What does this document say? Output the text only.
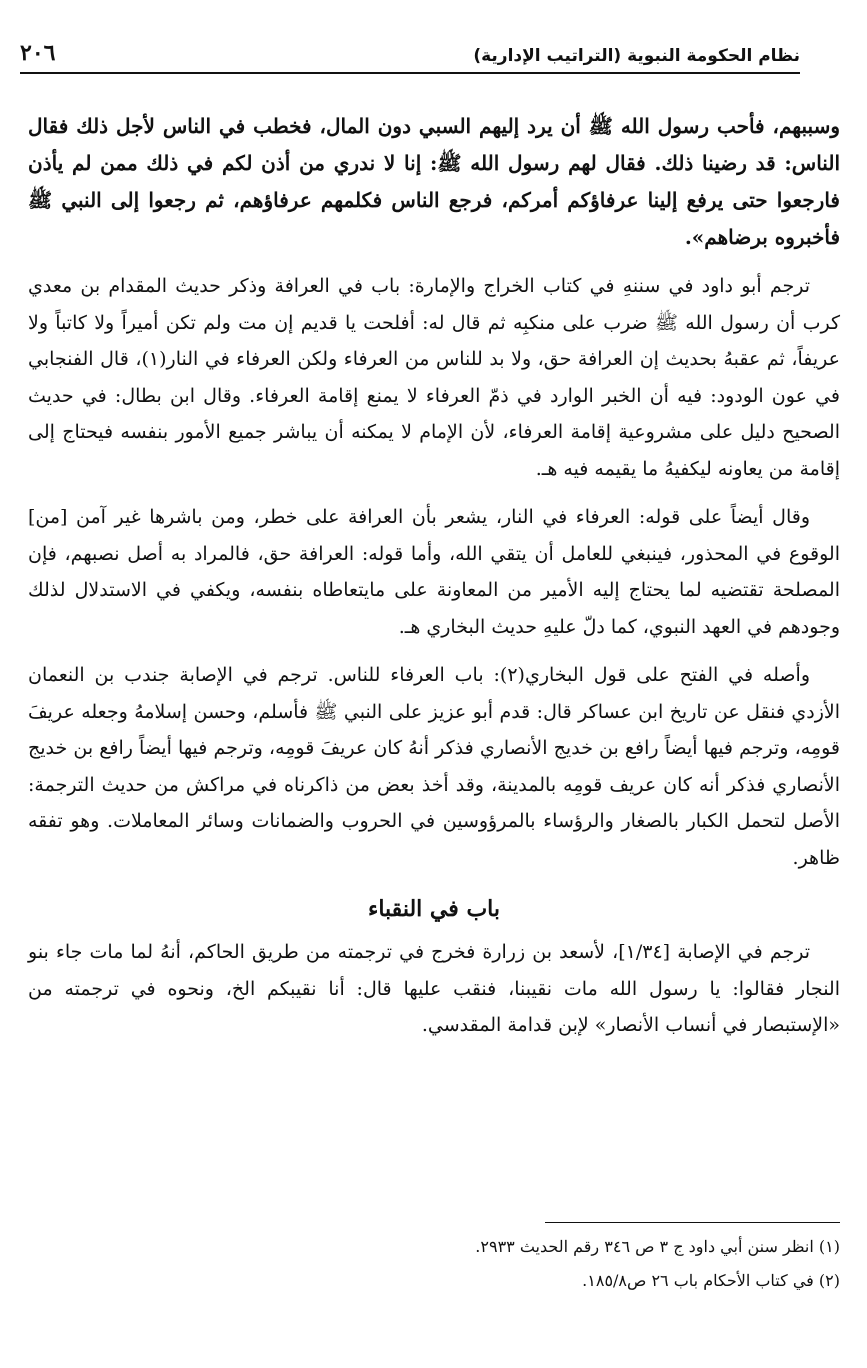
نظام الحكومة النبوية (التراتيب الإدارية)
٢٠٦

وسببهم، فأحب رسول الله ﷺ أن يرد إليهم السبي دون المال، فخطب في الناس لأجل ذلك فقال الناس: قد رضينا ذلك. فقال لهم رسول الله ﷺ: إنا لا ندري من أذن لكم في ذلك ممن لم يأذن فارجعوا حتى يرفع إلينا عرفاؤكم أمركم، فرجع الناس فكلمهم عرفاؤهم، ثم رجعوا إلى النبي ﷺ فأخبروه برضاهم».

ترجم أبو داود في سننهِ في كتاب الخراج والإمارة: باب في العرافة وذكر حديث المقدام بن معدي كرب أن رسول الله ﷺ ضرب على منكبِه ثم قال له: أفلحت يا قديم إن مت ولم تكن أميراً ولا كاتباً ولا عريفاً، ثم عقبهُ بحديث إن العرافة حق، ولا بد للناس من العرفاء ولكن العرفاء في النار(١)، قال الفنجابي في عون الودود: فيه أن الخبر الوارد في ذمّ العرفاء لا يمنع إقامة العرفاء. وقال ابن بطال: في حديث الصحيح دليل على مشروعية إقامة العرفاء، لأن الإمام لا يمكنه أن يباشر جميع الأمور بنفسه فيحتاج إلى إقامة من يعاونه ليكفيهُ ما يقيمه فيه هـ.

وقال أيضاً على قوله: العرفاء في النار، يشعر بأن العرافة على خطر، ومن باشرها غير آمن [من] الوقوع في المحذور، فينبغي للعامل أن يتقي الله، وأما قوله: العرافة حق، فالمراد به أصل نصبهم، فإن المصلحة تقتضيه لما يحتاج إليه الأمير من المعاونة على مايتعاطاه بنفسه، ويكفي في الاستدلال لذلك وجودهم في العهد النبوي، كما دلّ عليهِ حديث البخاري هـ.

وأصله في الفتح على قول البخاري(٢): باب العرفاء للناس. ترجم في الإصابة جندب بن النعمان الأزدي فنقل عن تاريخ ابن عساكر قال: قدم أبو عزيز على النبي ﷺ فأسلم، وحسن إسلامهُ وجعله عريفَ قومِه، وترجم فيها أيضاً رافع بن خديج الأنصاري فذكر أنهُ كان عريفَ قومِه، وترجم فيها أيضاً رافع بن خديج الأنصاري فذكر أنه كان عريف قومِه بالمدينة، وقد أخذ بعض من ذاكرناه في مراكش من حديث الترجمة: الأصل لتحمل الكبار بالصغار والرؤساء بالمرؤوسين في الحروب والضمانات وسائر المعاملات. وهو تفقه ظاهر.

باب في النقباء

ترجم في الإصابة [١/٣٤]، لأسعد بن زرارة فخرج في ترجمته من طريق الحاكم، أنهُ لما مات جاء بنو النجار فقالوا: يا رسول الله مات نقيبنا، فنقب عليها قال: أنا نقيبكم الخ، ونحوه في ترجمته من «الإستبصار في أنساب الأنصار» لإبن قدامة المقدسي.

(١) انظر سنن أبي داود ج ٣ ص ٣٤٦ رقم الحديث ٢٩٣٣.

(٢) في كتاب الأحكام باب ٢٦ ص١٨٥/٨.
